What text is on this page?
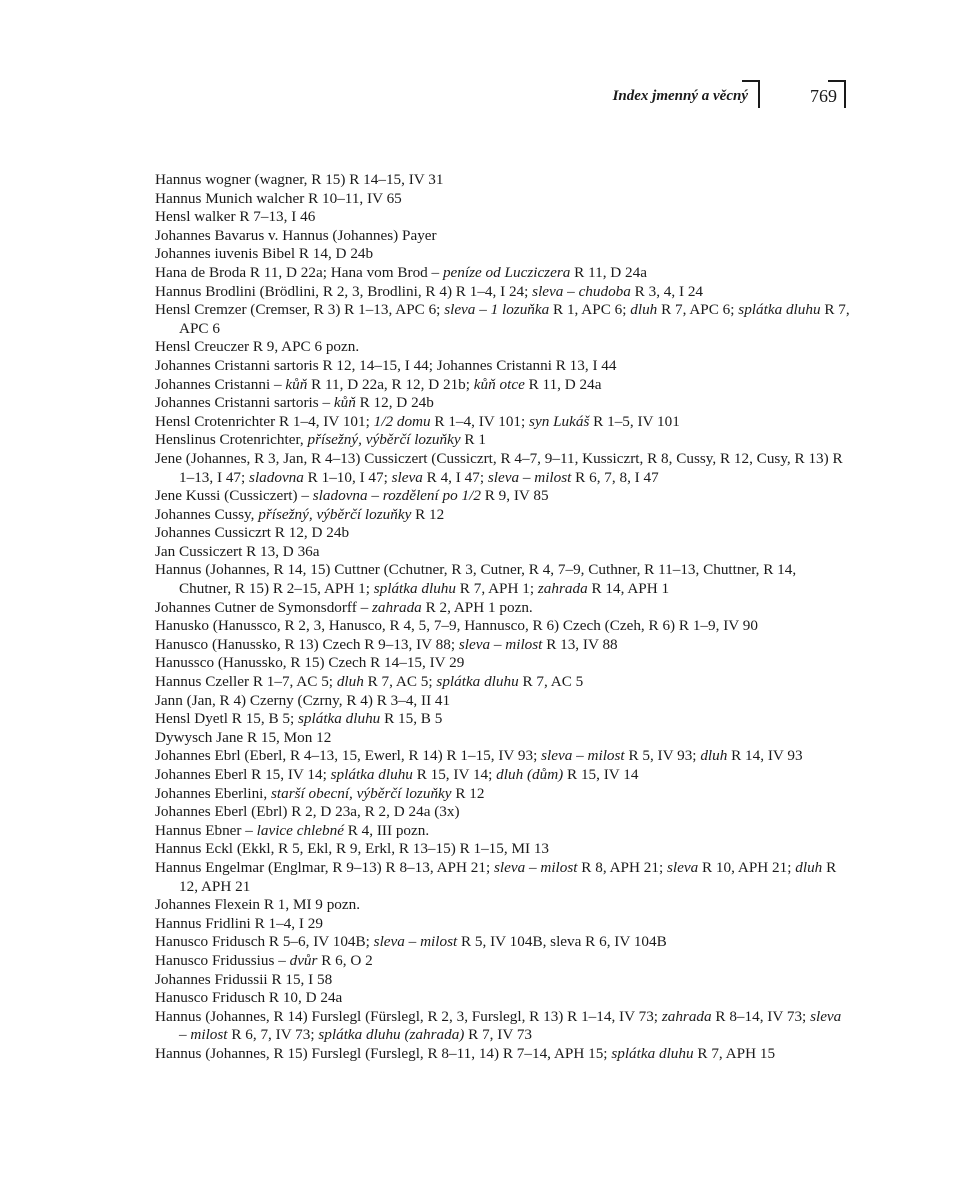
Index jmenný a věcný	769
Hannus wogner (wagner, R 15) R 14–15, IV 31
Hannus Munich walcher R 10–11, IV 65
Hensl walker R 7–13, I 46
Johannes Bavarus v. Hannus (Johannes) Payer
Johannes iuvenis Bibel R 14, D 24b
Hana de Broda R 11, D 22a; Hana vom Brod – peníze od Lucziczera R 11, D 24a
Hannus Brodlini (Brödlini, R 2, 3, Brodlini, R 4) R 1–4, I 24; sleva – chudoba R 3, 4, I 24
Hensl Cremzer (Cremser, R 3) R 1–13, APC 6; sleva – 1 lozuňka R 1, APC 6; dluh R 7, APC 6; splátka dluhu R 7, APC 6
Hensl Creuczer R 9, APC 6 pozn.
Johannes Cristanni sartoris R 12, 14–15, I 44; Johannes Cristanni R 13, I 44
Johannes Cristanni – kůň R 11, D 22a, R 12, D 21b; kůň otce R 11, D 24a
Johannes Cristanni sartoris – kůň R 12, D 24b
Hensl Crotenrichter R 1–4, IV 101; 1/2 domu R 1–4, IV 101; syn Lukáš R 1–5, IV 101
Henslinus Crotenrichter, přísežný, výběrčí lozuňky R 1
Jene (Johannes, R 3, Jan, R 4–13) Cussiczert (Cussiczrt, R 4–7, 9–11, Kussiczrt, R 8, Cussy, R 12, Cusy, R 13) R 1–13, I 47; sladovna R 1–10, I 47; sleva R 4, I 47; sleva – milost R 6, 7, 8, I 47
Jene Kussi (Cussiczert) – sladovna – rozdělení po 1/2 R 9, IV 85
Johannes Cussy, přísežný, výběrčí lozuňky R 12
Johannes Cussiczrt R 12, D 24b
Jan Cussiczert R 13, D 36a
Hannus (Johannes, R 14, 15) Cuttner (Cchutner, R 3, Cutner, R 4, 7–9, Cuthner, R 11–13, Chuttner, R 14, Chutner, R 15) R 2–15, APH 1; splátka dluhu R 7, APH 1; zahrada R 14, APH 1
Johannes Cutner de Symonsdorff – zahrada R 2, APH 1 pozn.
Hanusko (Hanussco, R 2, 3, Hanusco, R 4, 5, 7–9, Hannusco, R 6) Czech (Czeh, R 6) R 1–9, IV 90
Hanusco (Hanussko, R 13) Czech R 9–13, IV 88; sleva – milost R 13, IV 88
Hanussco (Hanussko, R 15) Czech R 14–15, IV 29
Hannus Czeller R 1–7, AC 5; dluh R 7, AC 5; splátka dluhu R 7, AC 5
Jann (Jan, R 4) Czerny (Czrny, R 4) R 3–4, II 41
Hensl Dyetl R 15, B 5; splátka dluhu R 15, B 5
Dywysch Jane R 15, Mon 12
Johannes Ebrl (Eberl, R 4–13, 15, Ewerl, R 14) R 1–15, IV 93; sleva – milost R 5, IV 93; dluh R 14, IV 93
Johannes Eberl R 15, IV 14; splátka dluhu R 15, IV 14; dluh (dům) R 15, IV 14
Johannes Eberlini, starší obecní, výběrčí lozuňky R 12
Johannes Eberl (Ebrl) R 2, D 23a, R 2, D 24a (3x)
Hannus Ebner – lavice chlebné R 4, III pozn.
Hannus Eckl (Ekkl, R 5, Ekl, R 9, Erkl, R 13–15) R 1–15, MI 13
Hannus Engelmar (Englmar, R 9–13) R 8–13, APH 21; sleva – milost R 8, APH 21; sleva R 10, APH 21; dluh R 12, APH 21
Johannes Flexein R 1, MI 9 pozn.
Hannus Fridlini R 1–4, I 29
Hanusco Fridusch R 5–6, IV 104B; sleva – milost R 5, IV 104B, sleva R 6, IV 104B
Hanusco Fridussius – dvůr R 6, O 2
Johannes Fridussii R 15, I 58
Hanusco Fridusch R 10, D 24a
Hannus (Johannes, R 14) Furslegl (Fürslegl, R 2, 3, Furslegl, R 13) R 1–14, IV 73; zahrada R 8–14, IV 73; sleva – milost R 6, 7, IV 73; splátka dluhu (zahrada) R 7, IV 73
Hannus (Johannes, R 15) Furslegl (Furslegl, R 8–11, 14) R 7–14, APH 15; splátka dluhu R 7, APH 15
